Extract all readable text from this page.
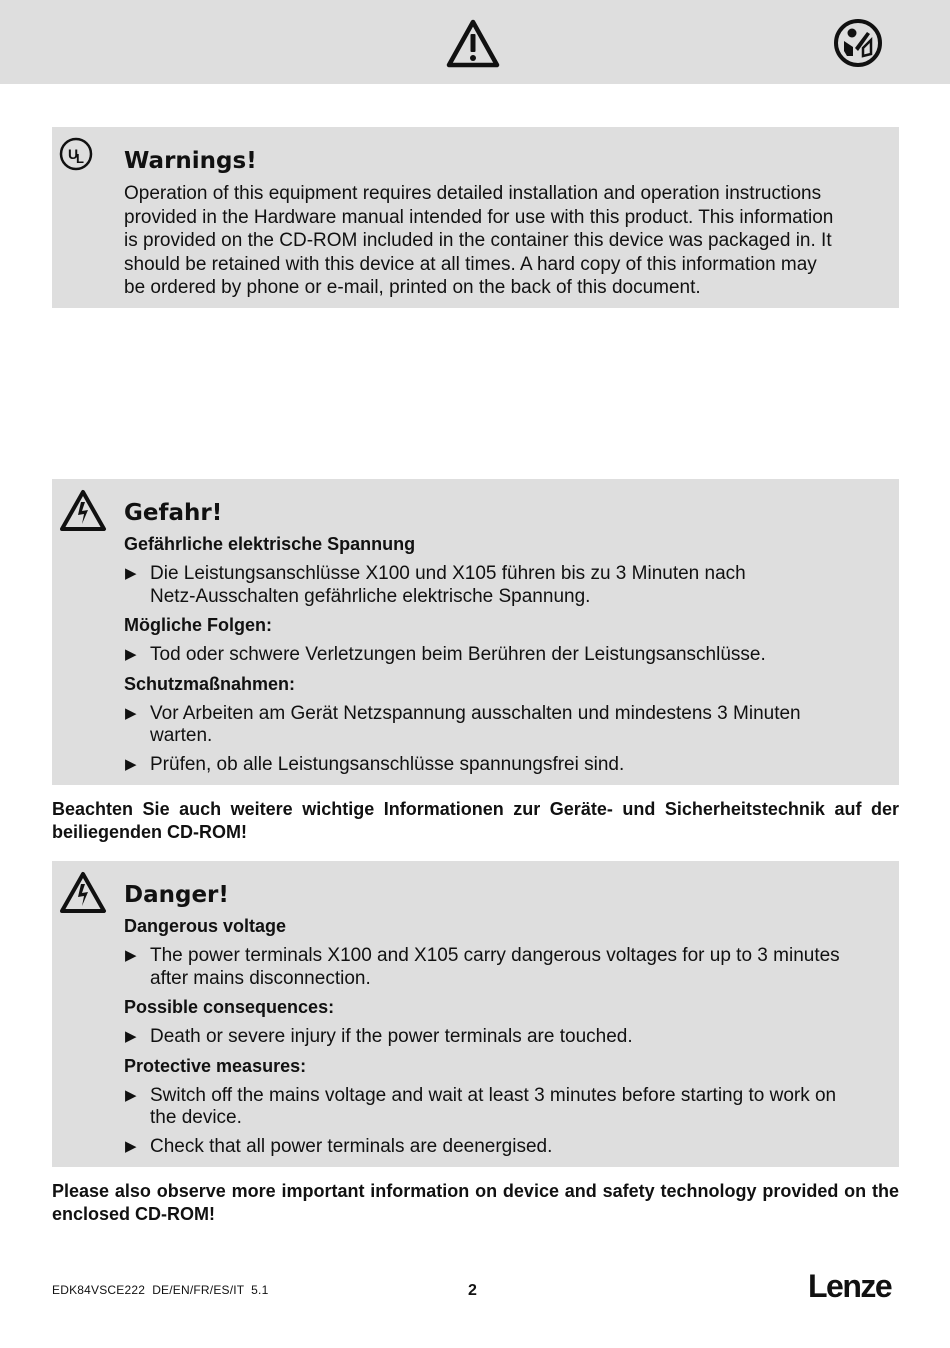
U
L Warnings!

Operation of this equipment requires detailed installation and operation instructions

provided in the Hardware manual intended for use with this product. This information

is provided on the CD-ROM included in the container this device was packaged in. It

should be retained with this device at all times. A hard copy of this information may

be ordered by phone or e-mail, printed on the back of this document.

Gefahr!

Gefährliche elektrische Spannung

▶ Die Leistungsanschlüsse X100 und X105 führen bis zu 3 Minuten nach
Netz-Ausschalten gefährliche elektrische Spannung.

Mögliche Folgen:

▶ Tod oder schwere Verletzungen beim Berühren der Leistungsanschlüsse.

Schutzmaßnahmen:

▶ Vor Arbeiten am Gerät Netzspannung ausschalten und mindestens 3 Minuten
warten.
▶ Prüfen, ob alle Leistungsanschlüsse spannungsfrei sind.
Beachten Sie auch weitere wichtige Informationen zur Geräte- und Sicherheitstechnik auf der beiliegenden CD-ROM!

Danger!

Dangerous voltage

▶ The power terminals X100 and X105 carry dangerous voltages for up to 3 minutes
after mains disconnection.

Possible consequences:

▶ Death or severe injury if the power terminals are touched.

Protective measures:

▶ Switch off the mains voltage and wait at least 3 minutes before starting to work on
the device.
▶ Check that all power terminals are deenergised.
Please also observe more important information on device and safety technology provided on the enclosed CD-ROM!
EDK84VSCE222  DE/EN/FR/ES/IT  5.1	2	Lenze
